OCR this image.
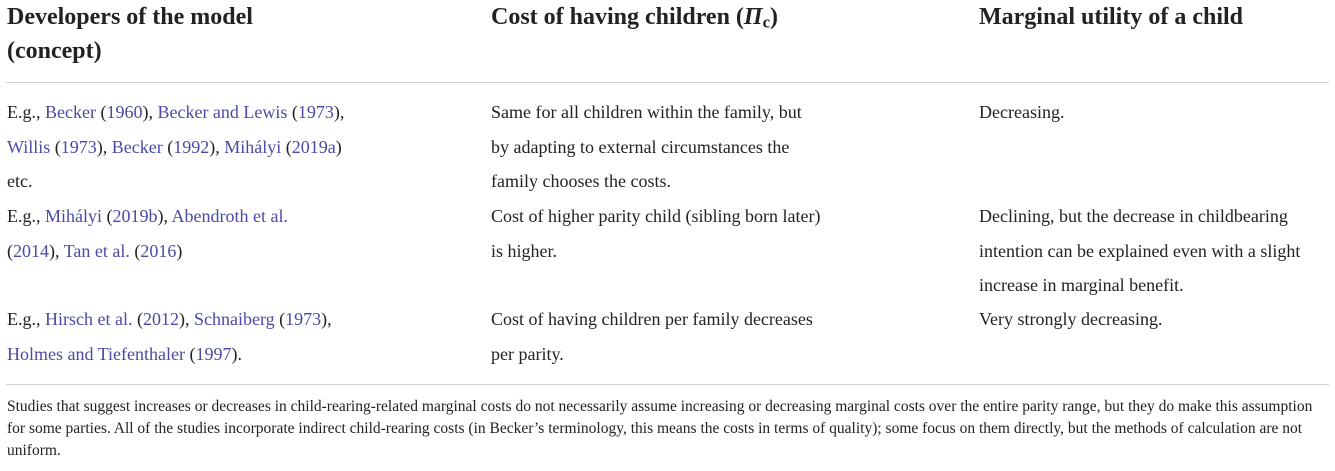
Developers of the model
(concept)
Cost of having children (Πc)	Marginal utility of a child
E.g., Becker (1960), Becker and Lewis (1973),
Willis (1973), Becker (1992), Mihályi (2019a)
etc.
Same for all children within the family, but
by adapting to external circumstances the
family chooses the costs.
Decreasing.
E.g., Mihályi (2019b), Abendroth et al.
(2014), Tan et al. (2016)
Cost of higher parity child (sibling born later)
is higher.
Declining, but the decrease in childbearing
intention can be explained even with a slight
increase in marginal benefit.
E.g., Hirsch et al. (2012), Schnaiberg (1973),
Holmes and Tiefenthaler (1997).
Cost of having children per family decreases
per parity.
Very strongly decreasing.
Studies that suggest increases or decreases in child-rearing-related marginal costs do not necessarily assume increasing or decreasing marginal costs over the entire parity range, but they do make this assumption for some parties. All of the studies incorporate indirect child-rearing costs (in Becker’s terminology, this means the costs in terms of quality); some focus on them directly, but the methods of calculation are not uniform.
